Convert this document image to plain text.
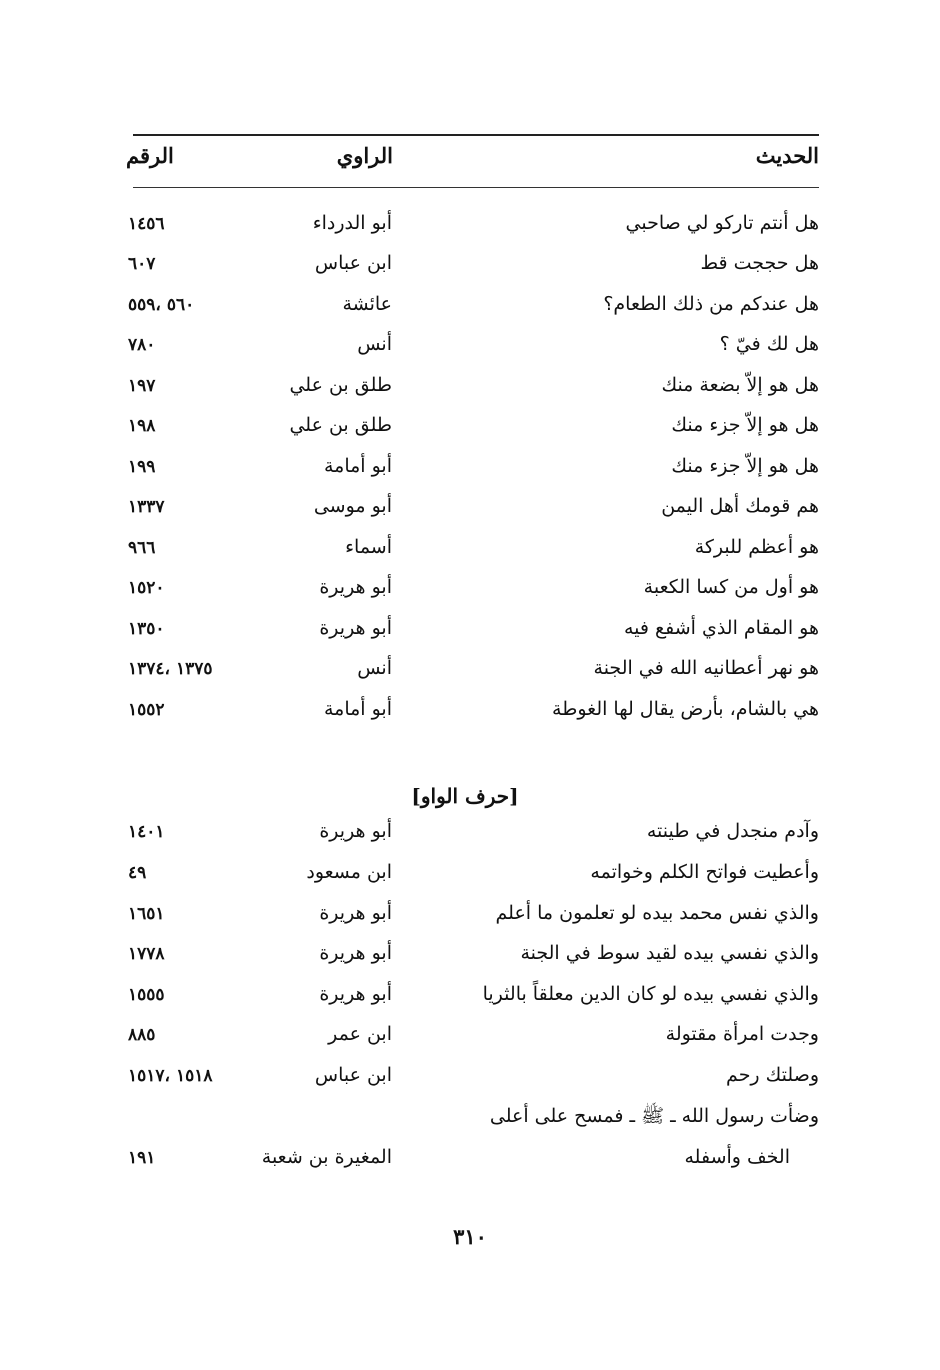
الحديث
الراوي
الرقم
هل أنتم تاركو لي صاحبي
أبو الدرداء
١٤٥٦
هل حججت قط
ابن عباس
٦٠٧
هل عندكم من ذلك الطعام؟
عائشة
٥٦٠ ،٥٥٩
هل لك فيّ ؟
أنس
٧٨٠
هل هو إلاّ بضعة منك
طلق بن علي
١٩٧
هل هو إلاّ جزء منك
طلق بن علي
١٩٨
هل هو إلاّ جزء منك
أبو أمامة
١٩٩
هم قومك أهل اليمن
أبو موسى
١٣٣٧
هو أعظم للبركة
أسماء
٩٦٦
هو أول من كسا الكعبة
أبو هريرة
١٥٢٠
هو المقام الذي أشفع فيه
أبو هريرة
١٣٥٠
هو نهر أعطانيه الله في الجنة
أنس
١٣٧٥ ،١٣٧٤
هي بالشام، بأرض يقال لها الغوطة
أبو أمامة
١٥٥٢
[حرف الواو]
وآدم منجدل في طينته
أبو هريرة
١٤٠١
وأعطيت فواتح الكلم وخواتمه
ابن مسعود
٤٩
والذي نفس محمد بيده لو تعلمون ما أعلم
أبو هريرة
١٦٥١
والذي نفسي بيده لقيد سوط في الجنة
أبو هريرة
١٧٧٨
والذي نفسي بيده لو كان الدين معلقاً بالثريا
أبو هريرة
١٥٥٥
وجدت امرأة مقتولة
ابن عمر
٨٨٥
وصلتك رحم
ابن عباس
١٥١٨ ،١٥١٧
وضأت رسول الله ـ ﷺ ـ فمسح على أعلى
الخف وأسفله
المغيرة بن شعبة
١٩١
٣١٠
